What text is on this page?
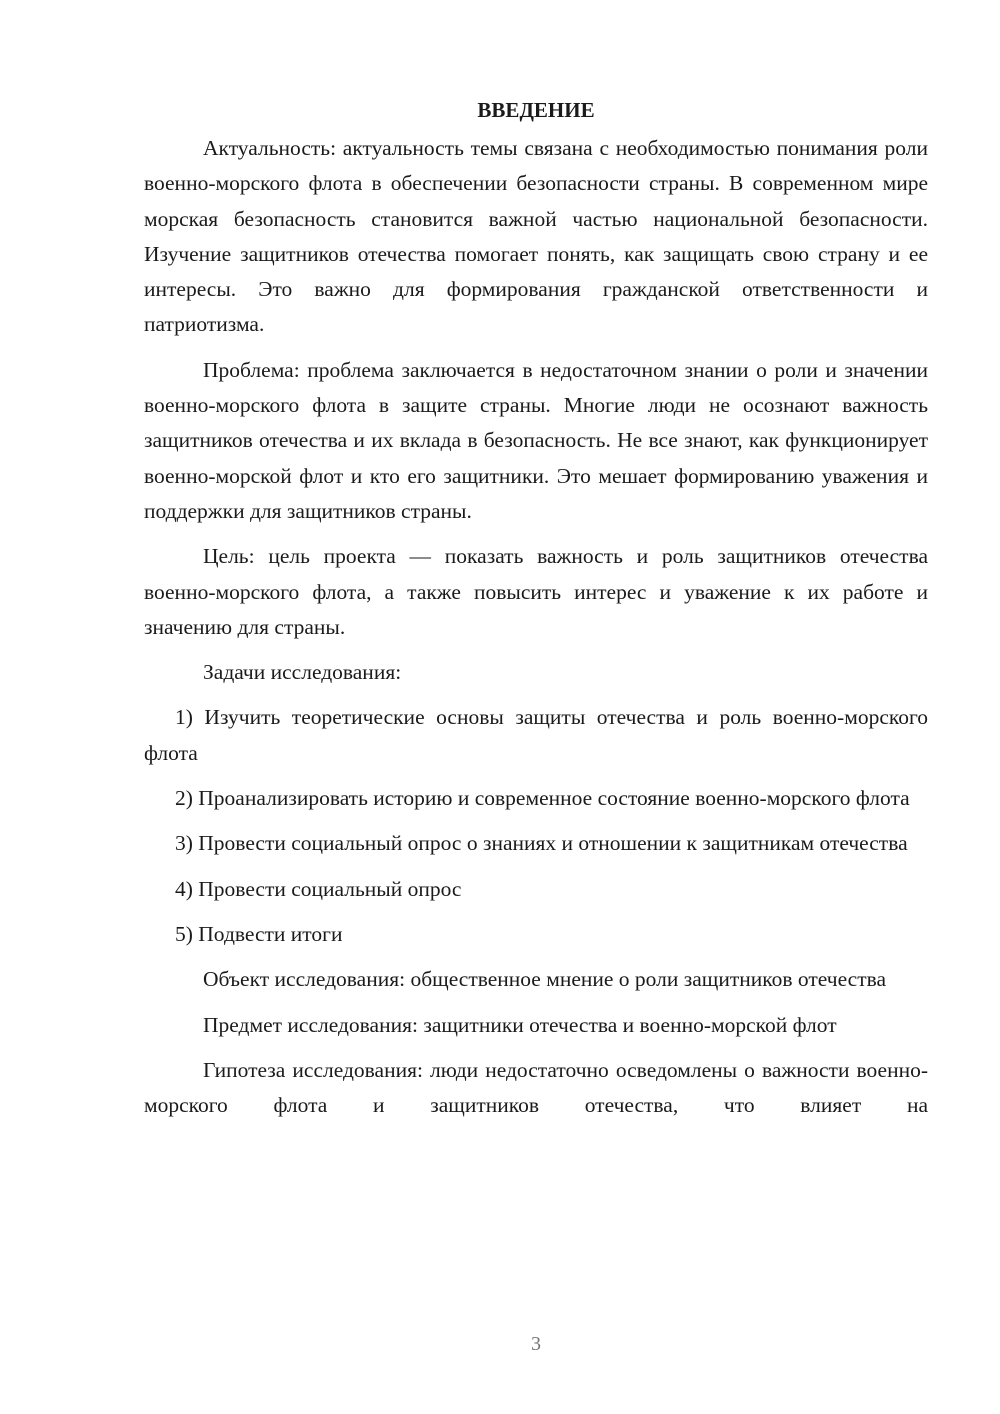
ВВЕДЕНИЕ

Актуальность: актуальность темы связана с необходимостью понимания роли военно-морского флота в обеспечении безопасности страны. В современном мире морская безопасность становится важной частью национальной безопасности. Изучение защитников отечества помогает понять, как защищать свою страну и ее интересы. Это важно для формирования гражданской ответственности и патриотизма.

Проблема: проблема заключается в недостаточном знании о роли и значении военно-морского флота в защите страны. Многие люди не осознают важность защитников отечества и их вклада в безопасность. Не все знают, как функционирует военно-морской флот и кто его защитники. Это мешает формированию уважения и поддержки для защитников страны.

Цель: цель проекта — показать важность и роль защитников отечества военно-морского флота, а также повысить интерес и уважение к их работе и значению для страны.

Задачи исследования:

1) Изучить теоретические основы защиты отечества и роль военно-морского флота

2) Проанализировать историю и современное состояние военно-морского флота

3) Провести социальный опрос о знаниях и отношении к защитникам отечества

4) Провести социальный опрос

5) Подвести итоги

Объект исследования: общественное мнение о роли защитников отечества

Предмет исследования: защитники отечества и военно-морской флот

Гипотеза исследования: люди недостаточно осведомлены о важности военно-морского флота и защитников отечества, что влияет на

3
